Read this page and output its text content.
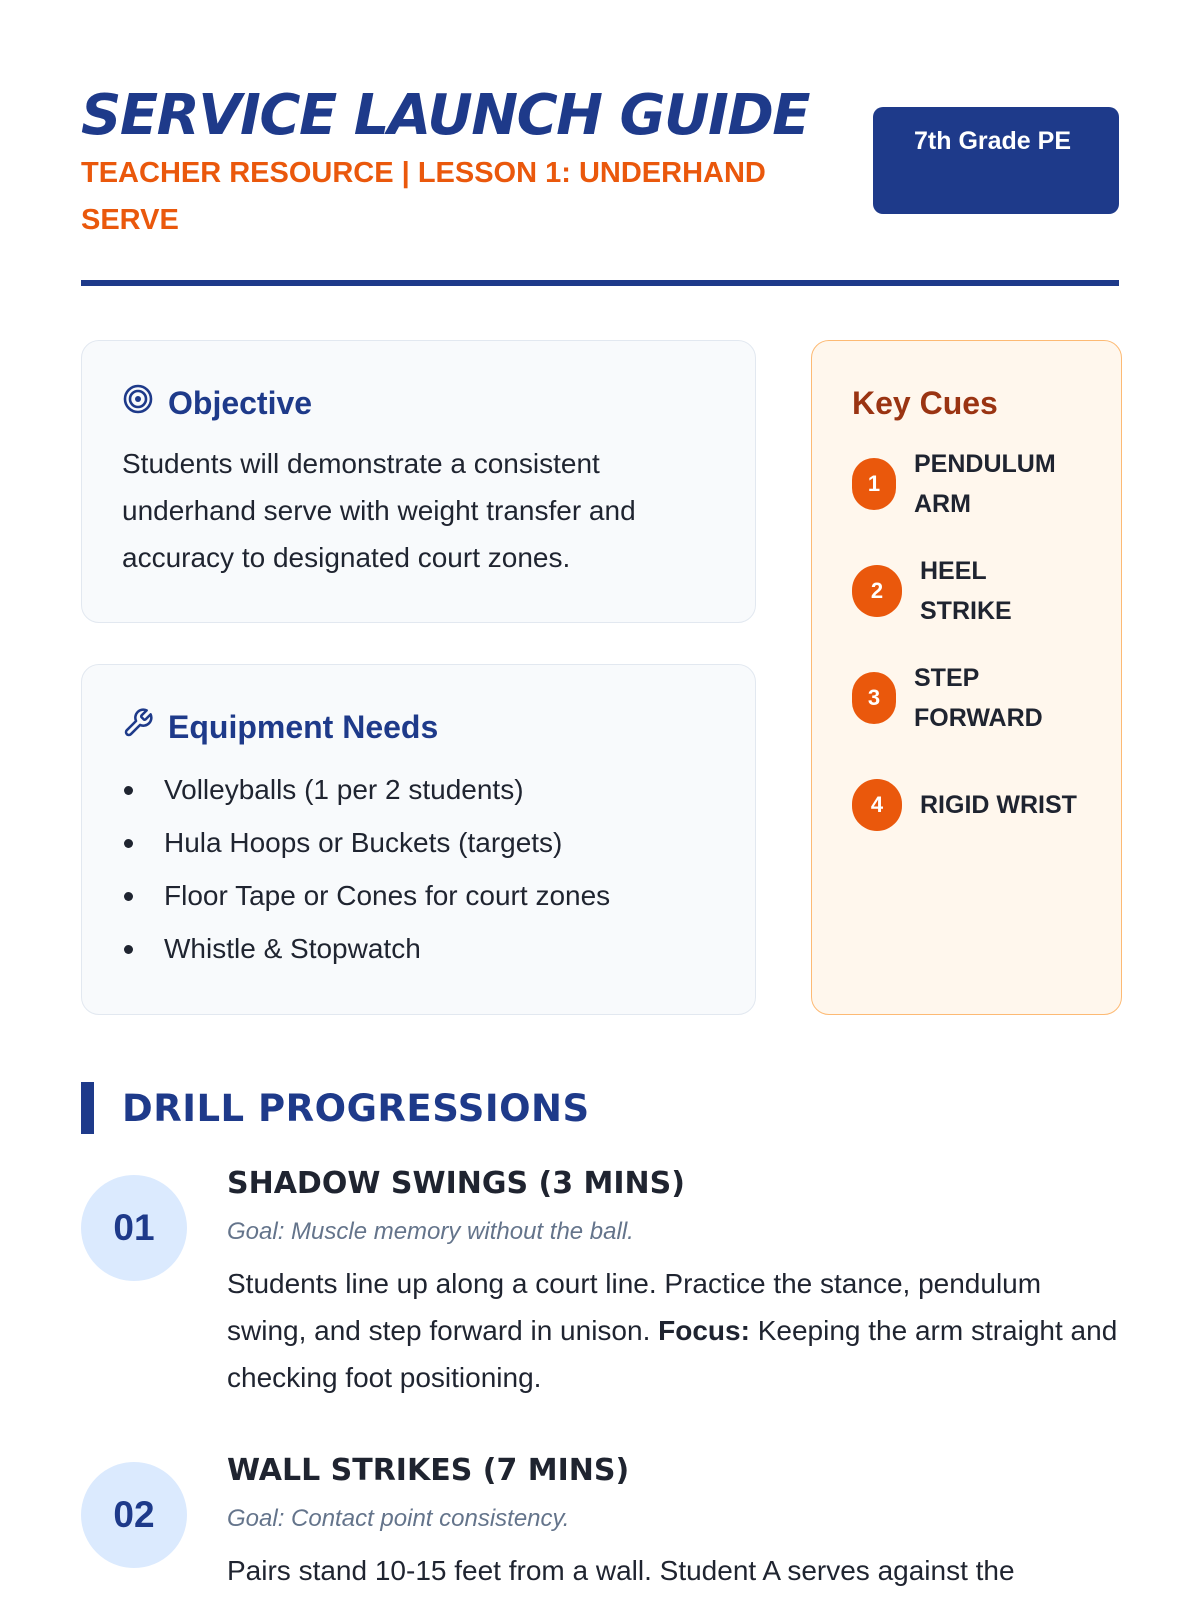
SERVICE LAUNCH GUIDE
TEACHER RESOURCE | LESSON 1: UNDERHAND SERVE
7th Grade PE
Objective

Students will demonstrate a consistent underhand serve with weight transfer and accuracy to designated court zones.

Equipment Needs
Volleyballs (1 per 2 students)
Hula Hoops or Buckets (targets)
Floor Tape or Cones for court zones
Whistle & Stopwatch
Key Cues
1
PENDULUM ARM
2
HEEL STRIKE
3
STEP FORWARD
4	RIGID WRIST
DRILL PROGRESSIONS
01
SHADOW SWINGS (3 MINS)
Goal: Muscle memory without the ball.

Students line up along a court line. Practice the stance, pendulum swing, and step forward in unison. Focus: Keeping the arm straight and checking foot positioning.

02
WALL STRIKES (7 MINS)
Goal: Contact point consistency.

Pairs stand 10-15 feet from a wall. Student A serves against the
